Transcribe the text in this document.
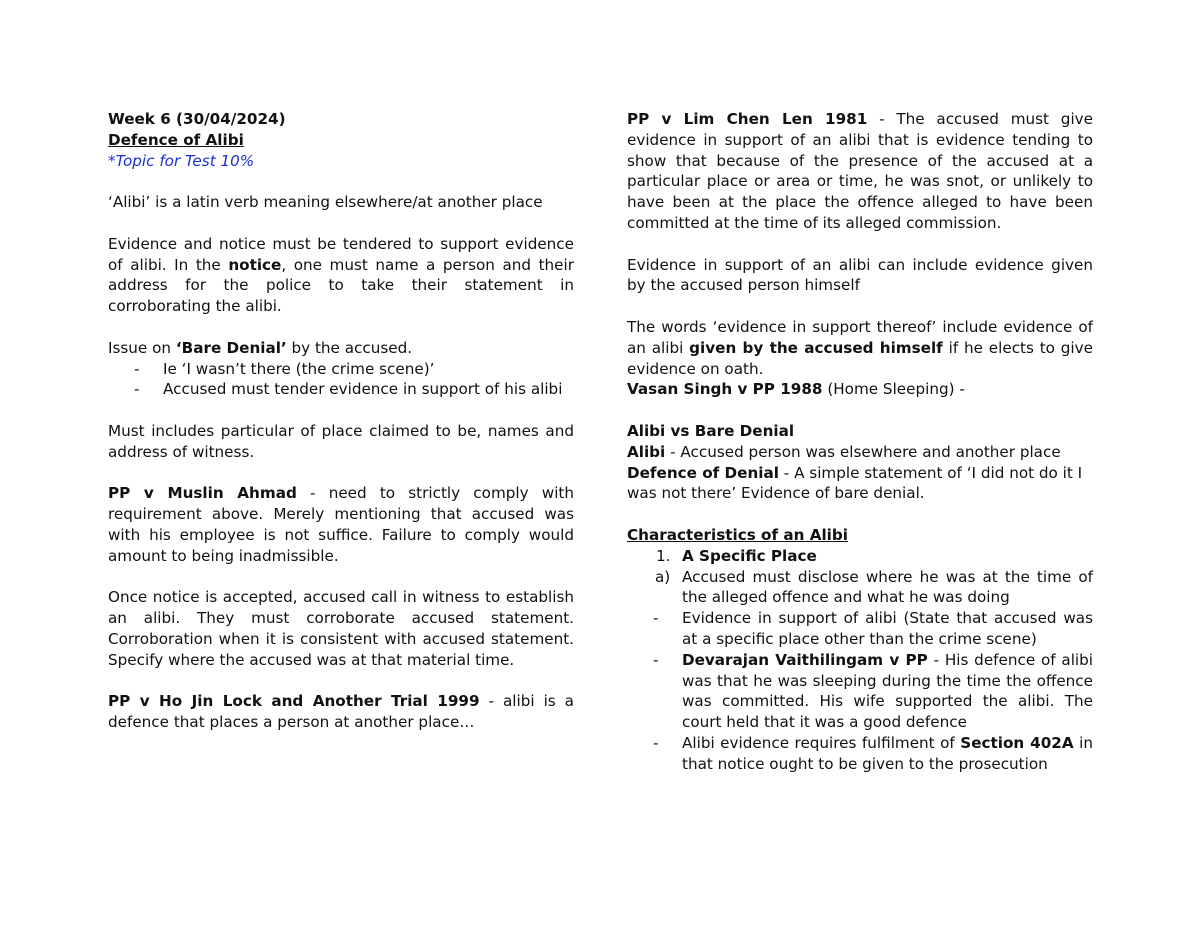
Week 6 (30/04/2024)

Defence of Alibi

*Topic for Test 10%

‘Alibi’ is a latin verb meaning elsewhere/at another place

Evidence and notice must be tendered to support evidence of alibi. In the notice, one must name a person and their address for the police to take their statement in corroborating the alibi.

Issue on ‘Bare Denial’ by the accused.

- Ie ‘I wasn’t there (the crime scene)’
- Accused must tender evidence in support of his alibi

Must includes particular of place claimed to be, names and address of witness.

PP v Muslin Ahmad - need to strictly comply with requirement above. Merely mentioning that accused was with his employee is not suffice. Failure to comply would amount to being inadmissible.

Once notice is accepted, accused call in witness to establish an alibi. They must corroborate accused statement. Corroboration when it is consistent with accused statement. Specify where the accused was at that material time.

PP v Ho Jin Lock and Another Trial 1999 - alibi is a defence that places a person at another place…

PP v Lim Chen Len 1981 - The accused must give evidence in support of an alibi that is evidence tending to show that because of the presence of the accused at a particular place or area or time, he was snot, or unlikely to have been at the place the offence alleged to have been committed at the time of its alleged commission.

Evidence in support of an alibi can include evidence given by the accused person himself

The words ‘evidence in support thereof’ include evidence of an alibi given by the accused himself if he elects to give evidence on oath.

Vasan Singh v PP 1988 (Home Sleeping) -

Alibi vs Bare Denial

Alibi - Accused person was elsewhere and another place

Defence of Denial - A simple statement of ‘I did not do it I was not there’ Evidence of bare denial.

Characteristics of an Alibi

1. A Specific Place
a) Accused must disclose where he was at the time of the alleged offence and what he was doing
- Evidence in support of alibi (State that accused was at a specific place other than the crime scene)
- Devarajan Vaithilingam v PP - His defence of alibi was that he was sleeping during the time the offence was committed. His wife supported the alibi. The court held that it was a good defence
- Alibi evidence requires fulfilment of Section 402A in that notice ought to be given to the prosecution
